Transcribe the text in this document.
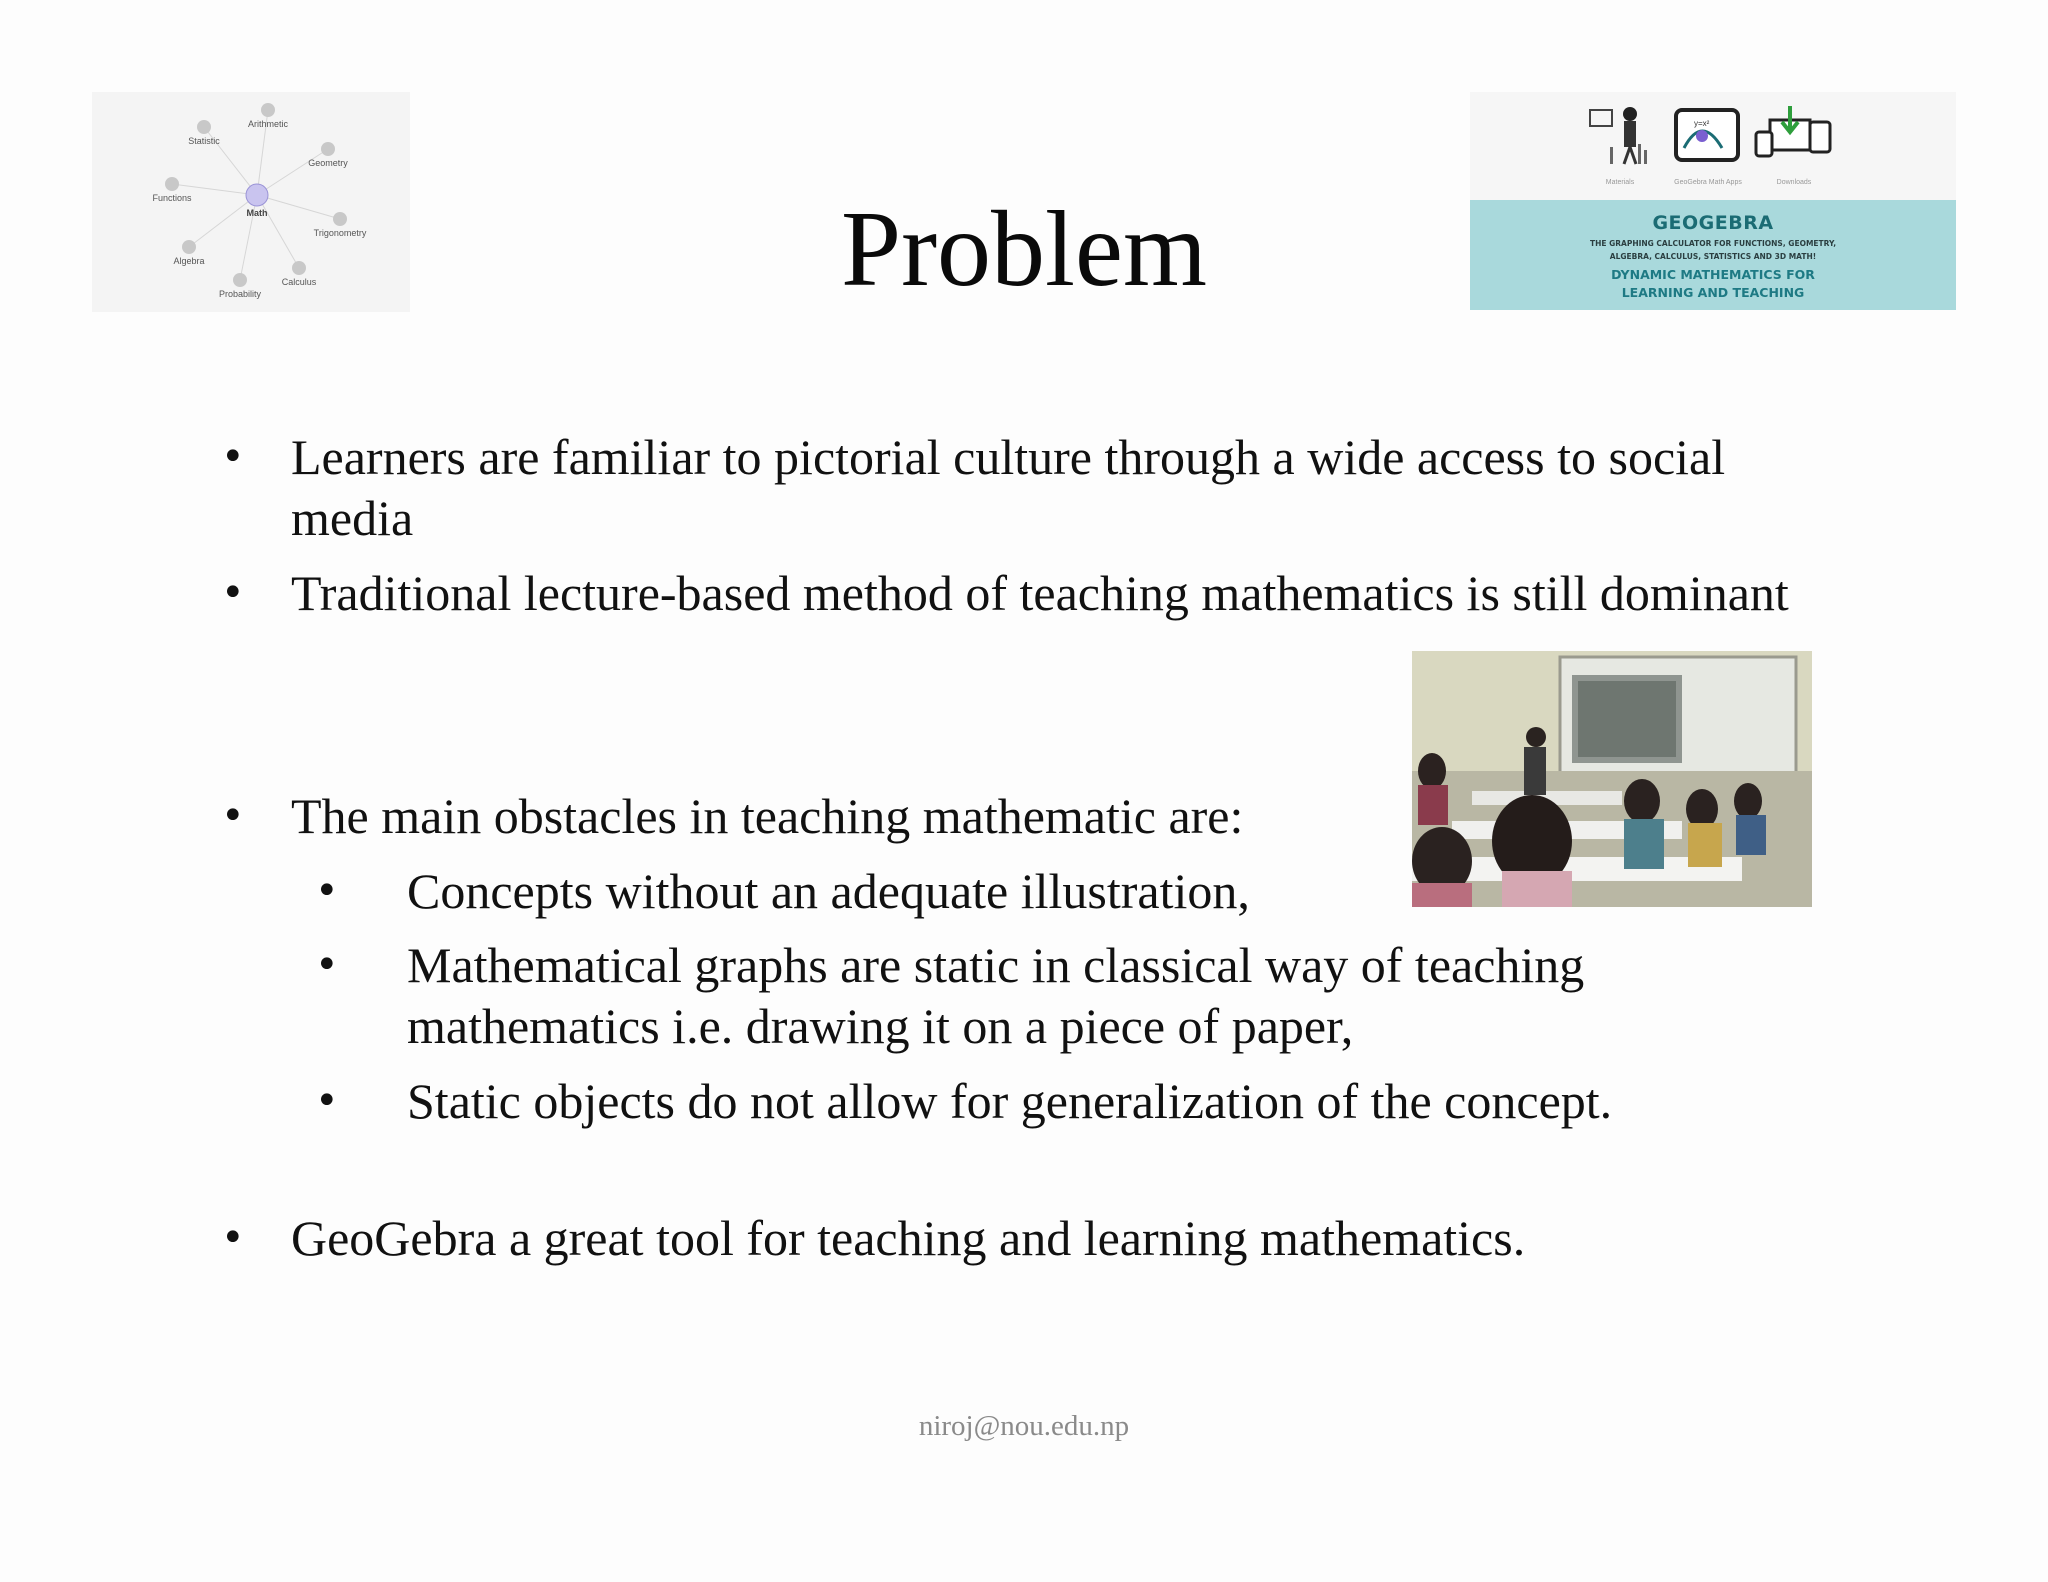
Math
Arithmetic
Statistic
Geometry
Functions
Trigonometry
Algebra
Calculus
Probability
y=x²
Materials	GeoGebra Math Apps	Downloads
GEOGEBRA
THE GRAPHING CALCULATOR FOR FUNCTIONS, GEOMETRY,
ALGEBRA, CALCULUS, STATISTICS AND 3D MATH!
DYNAMIC MATHEMATICS FOR
LEARNING AND TEACHING
Problem
• Learners are familiar to pictorial culture through a wide access to social
media
• Traditional lecture-based method of teaching mathematics is still dominant
• The main obstacles in teaching mathematic are:
• Concepts without an adequate illustration,
• Mathematical graphs are static in classical way of teaching
mathematics i.e. drawing it on a piece of paper,
• Static objects do not allow for generalization of the concept.
• GeoGebra a great tool for teaching and learning mathematics.
niroj@nou.edu.np
